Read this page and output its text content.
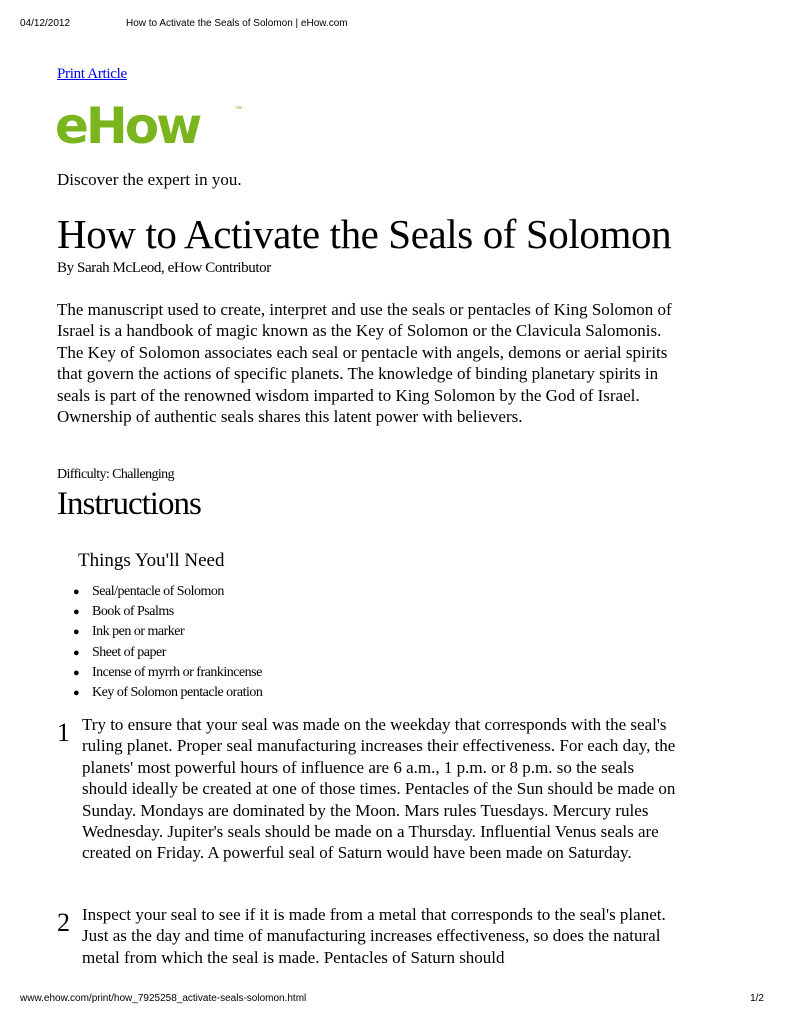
04/12/2012	How to Activate the Seals of Solomon | eHow.com
Print Article
eHow	™
Discover the expert in you.
How to Activate the Seals of Solomon
By Sarah McLeod, eHow Contributor

The manuscript used to create, interpret and use the seals or pentacles of King Solomon of Israel is a handbook of magic known as the Key of Solomon or the Clavicula Salomonis. The Key of Solomon associates each seal or pentacle with angels, demons or aerial spirits that govern the actions of specific planets. The knowledge of binding planetary spirits in seals is part of the renowned wisdom imparted to King Solomon by the God of Israel. Ownership of authentic seals shares this latent power with believers.

Difficulty: Challenging
Instructions
Things You'll Need
● Seal/pentacle of Solomon
● Book of Psalms
● Ink pen or marker
● Sheet of paper
● Incense of myrrh or frankincense
● Key of Solomon pentacle oration
1 Try to ensure that your seal was made on the weekday that corresponds with the seal's ruling planet. Proper seal manufacturing increases their effectiveness. For each day, the planets' most powerful hours of influence are 6 a.m., 1 p.m. or 8 p.m. so the seals should ideally be created at one of those times. Pentacles of the Sun should be made on Sunday. Mondays are dominated by the Moon. Mars rules Tuesdays. Mercury rules Wednesday. Jupiter's seals should be made on a Thursday. Influential Venus seals are created on Friday. A powerful seal of Saturn would have been made on Saturday.

2 Inspect your seal to see if it is made from a metal that corresponds to the seal's planet. Just as the day and time of manufacturing increases effectiveness, so does the natural metal from which the seal is made. Pentacles of Saturn should

www.ehow.com/print/how_7925258_activate-seals-solomon.html	1/2
